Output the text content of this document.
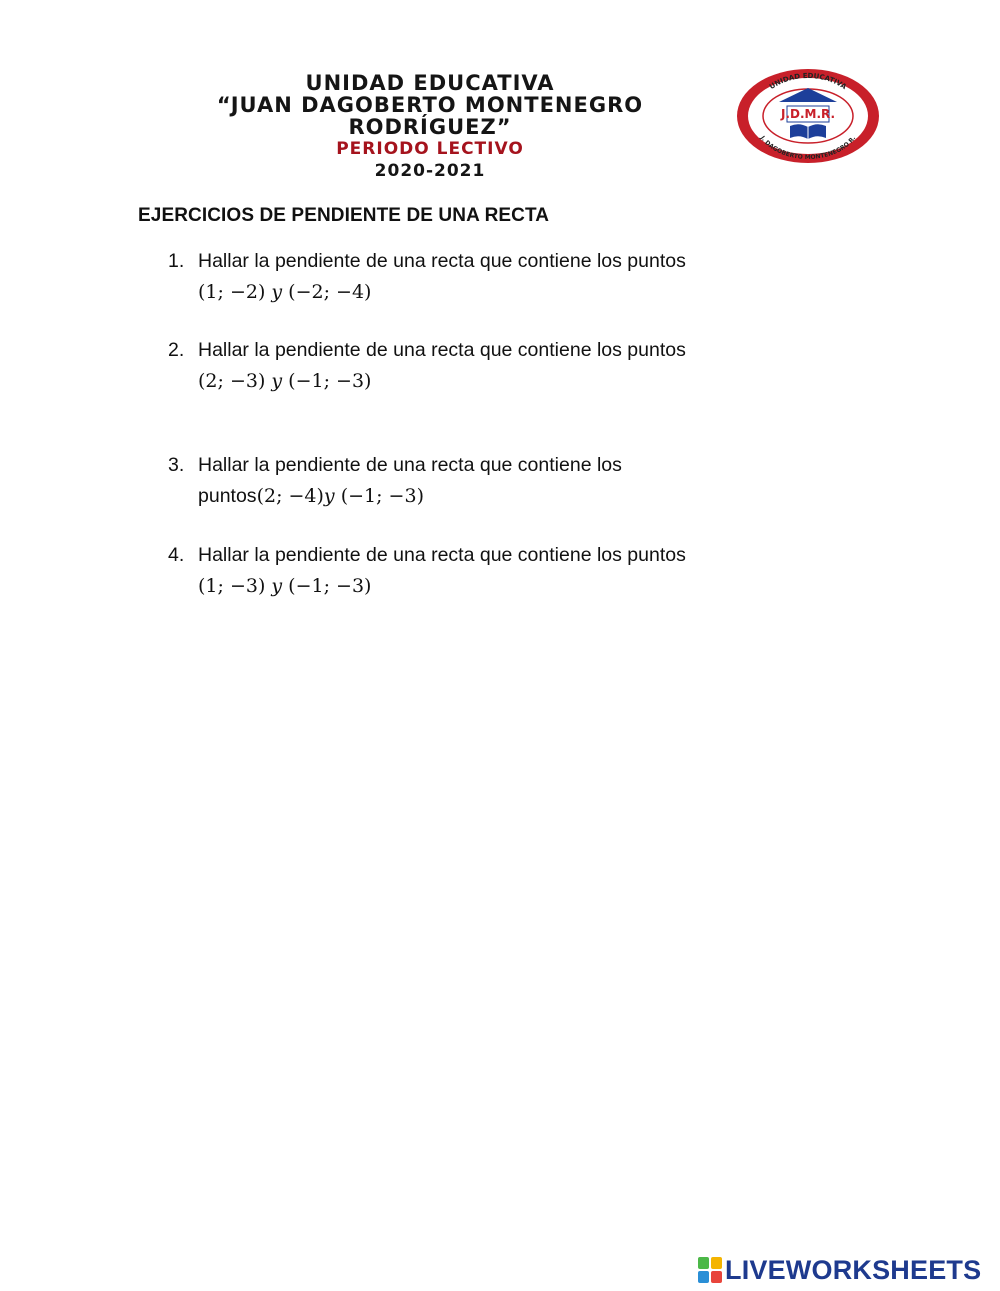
UNIDAD EDUCATIVA
“JUAN DAGOBERTO MONTENEGRO
RODRÍGUEZ”
PERIODO LECTIVO
2020-2021
UNIDAD EDUCATIVA
J. DAGOBERTO MONTENEGRO R.
J.D.M.R.
EJERCICIOS DE PENDIENTE DE UNA RECTA
1. Hallar la pendiente de una recta que contiene los puntos
(1; −2) 𝑦 (−2; −4)
2. Hallar la pendiente de una recta que contiene los puntos
(2; −3) 𝑦 (−1; −3)
3. Hallar la pendiente de una recta que contiene los
puntos(2; −4)𝑦 (−1; −3)
4. Hallar la pendiente de una recta que contiene los puntos
(1; −3) 𝑦 (−1; −3)
LIVEWORKSHEETS
